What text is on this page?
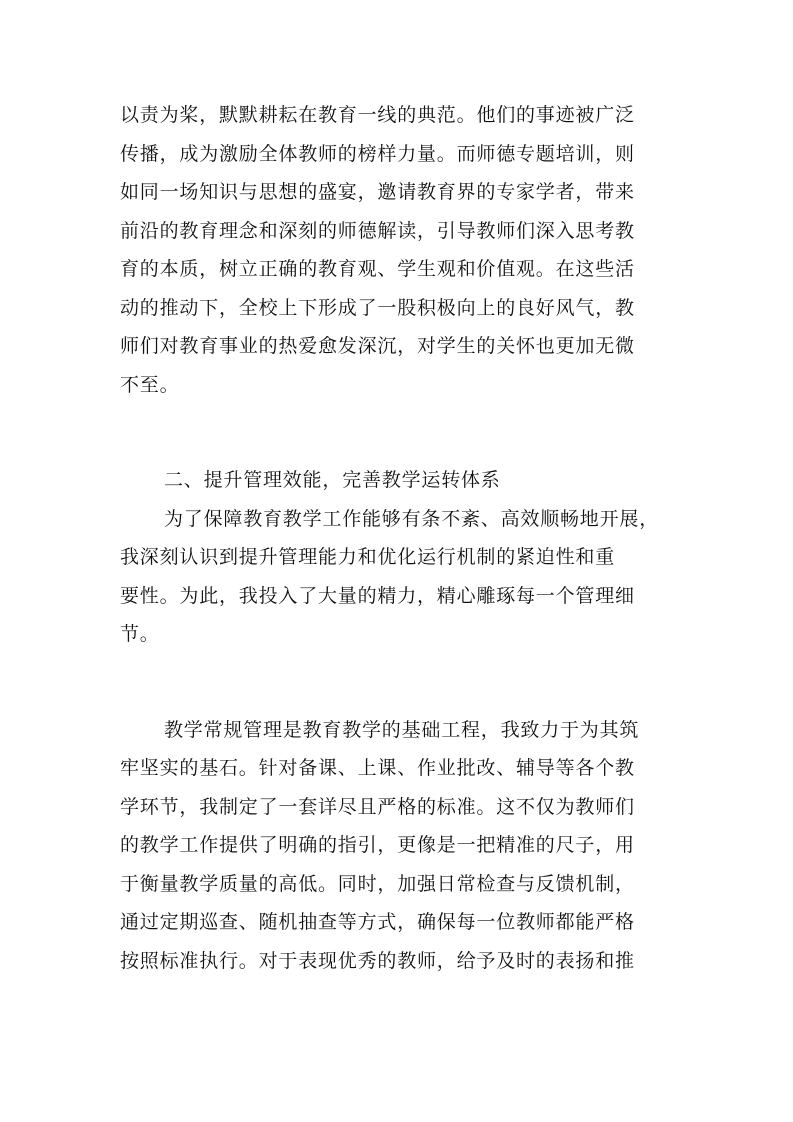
以责为桨，默默耕耘在教育一线的典范。他们的事迹被广泛
传播，成为激励全体教师的榜样力量。而师德专题培训，则
如同一场知识与思想的盛宴，邀请教育界的专家学者，带来
前沿的教育理念和深刻的师德解读，引导教师们深入思考教
育的本质，树立正确的教育观、学生观和价值观。在这些活
动的推动下，全校上下形成了一股积极向上的良好风气，教
师们对教育事业的热爱愈发深沉，对学生的关怀也更加无微
不至。
二、提升管理效能，完善教学运转体系
为了保障教育教学工作能够有条不紊、高效顺畅地开展，
我深刻认识到提升管理能力和优化运行机制的紧迫性和重
要性。为此，我投入了大量的精力，精心雕琢每一个管理细
节。
教学常规管理是教育教学的基础工程，我致力于为其筑
牢坚实的基石。针对备课、上课、作业批改、辅导等各个教
学环节，我制定了一套详尽且严格的标准。这不仅为教师们
的教学工作提供了明确的指引，更像是一把精准的尺子，用
于衡量教学质量的高低。同时，加强日常检查与反馈机制，
通过定期巡查、随机抽查等方式，确保每一位教师都能严格
按照标准执行。对于表现优秀的教师，给予及时的表扬和推
